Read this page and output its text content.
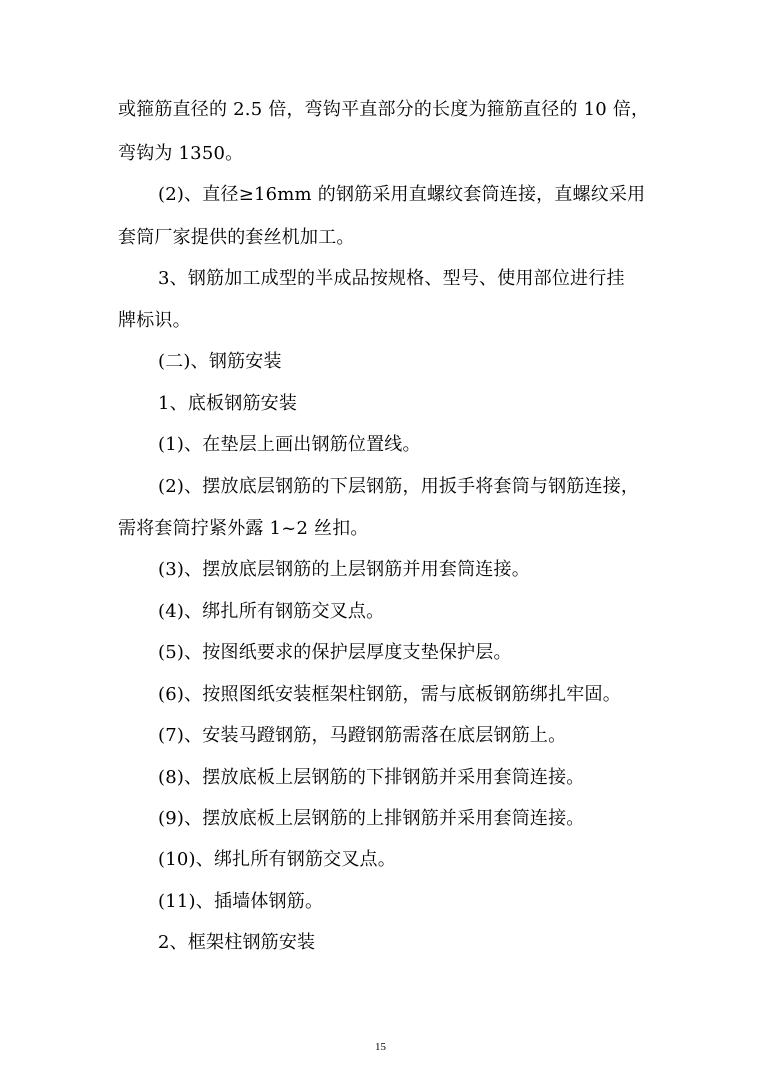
或箍筋直径的 2.5 倍，弯钩平直部分的长度为箍筋直径的 10 倍，
弯钩为 1350。
(2)、直径≥16mm 的钢筋采用直螺纹套筒连接，直螺纹采用
套筒厂家提供的套丝机加工。
3、钢筋加工成型的半成品按规格、型号、使用部位进行挂
牌标识。
(二)、钢筋安装
1、底板钢筋安装
(1)、在垫层上画出钢筋位置线。
(2)、摆放底层钢筋的下层钢筋，用扳手将套筒与钢筋连接，
需将套筒拧紧外露 1~2 丝扣。
(3)、摆放底层钢筋的上层钢筋并用套筒连接。
(4)、绑扎所有钢筋交叉点。
(5)、按图纸要求的保护层厚度支垫保护层。
(6)、按照图纸安装框架柱钢筋，需与底板钢筋绑扎牢固。
(7)、安装马蹬钢筋，马蹬钢筋需落在底层钢筋上。
(8)、摆放底板上层钢筋的下排钢筋并采用套筒连接。
(9)、摆放底板上层钢筋的上排钢筋并采用套筒连接。
(10)、绑扎所有钢筋交叉点。
(11)、插墙体钢筋。
2、框架柱钢筋安装
15
